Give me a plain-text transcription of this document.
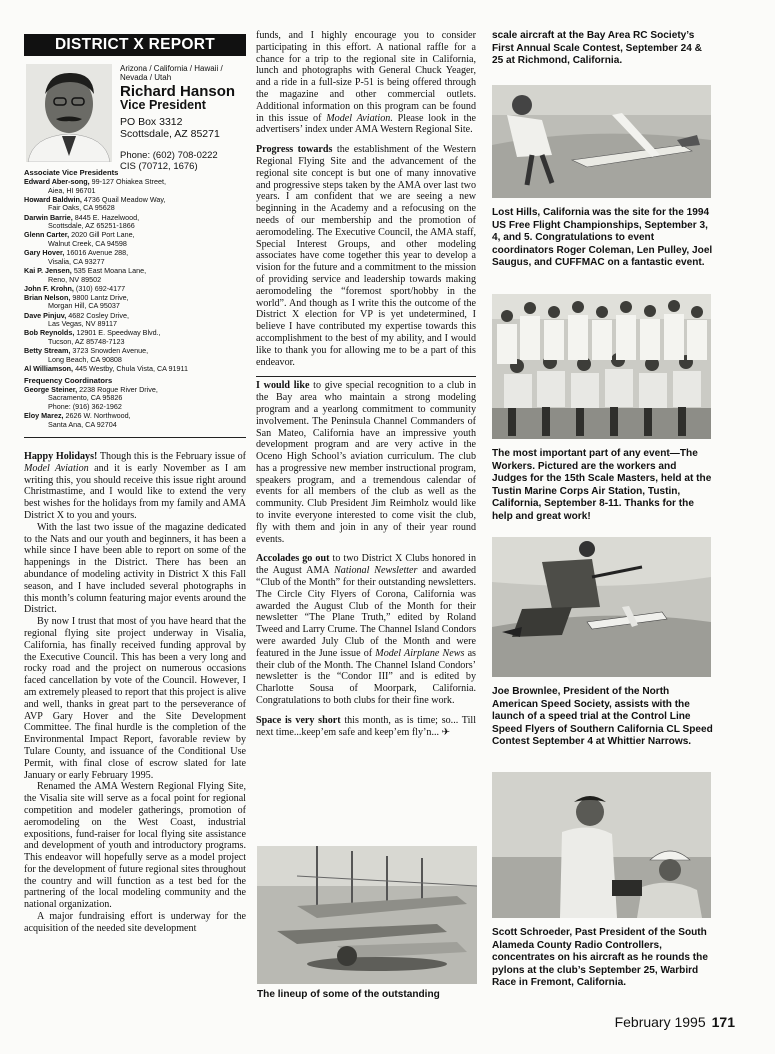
DISTRICT X REPORT
Arizona / California / Hawaii / Nevada / Utah
Richard Hanson
Vice President
PO Box 3312
Scottsdale, AZ 85271
Phone: (602) 708-0222
CIS (70712, 1676)
Associate Vice Presidents
Edward Aber-song, 99-127 Ohiakea Street,
Aiea, HI 96701
Howard Baldwin, 4736 Quail Meadow Way,
Fair Oaks, CA 95628
Darwin Barrie, 8445 E. Hazelwood,
Scottsdale, AZ 65251-1866
Glenn Carter, 2020 Gill Port Lane,
Walnut Creek, CA 94598
Gary Hover, 16016 Avenue 288,
Visalia, CA 93277
Kai P. Jensen, 535 East Moana Lane,
Reno, NV 89502
John F. Krohn, (310) 692-4177
Brian Nelson, 9800 Lantz Drive,
Morgan Hill, CA 95037
Dave Pinjuv, 4682 Cosley Drive,
Las Vegas, NV 89117
Bob Reynolds, 12901 E. Speedway Blvd.,
Tucson, AZ 85748-7123
Betty Stream, 3723 Snowden Avenue,
Long Beach, CA 90808
Al Williamson, 445 Westby, Chula Vista, CA 91911
Frequency Coordinators
George Steiner, 2238 Rogue River Drive,
Sacramento, CA 95826
Phone: (916) 362-1962
Eloy Marez, 2626 W. Northwood,
Santa Ana, CA 92704

Happy Holidays! Though this is the February issue of Model Aviation and it is early November as I am writing this, you should receive this issue right around Christmastime, and I would like to extend the very best wishes for the holidays from my family and AMA District X to you and yours.

With the last two issue of the magazine dedicated to the Nats and our youth and beginners, it has been a while since I have been able to report on some of the happenings in the District. There has been an abundance of modeling activity in District X this Fall season, and I have included several photographs in this month’s column featuring major events around the District.

By now I trust that most of you have heard that the regional flying site project underway in Visalia, California, has finally received funding approval by the Executive Council. This has been a very long and rocky road and the project on numerous occasions faced cancellation by vote of the Council. However, I am extremely pleased to report that this project is alive and well, thanks in great part to the perseverance of AVP Gary Hover and the Site Development Committee. The final hurdle is the completion of the Environmental Impact Report, favorable review by Tulare County, and issuance of the Conditional Use Permit, with final close of escrow slated for late January or early February 1995.

Renamed the AMA Western Regional Flying Site, the Visalia site will serve as a focal point for regional competition and modeler gatherings, promotion of aeromodeling on the West Coast, industrial expositions, fund-raiser for local flying site assistance and development of youth and introductory programs. This endeavor will hopefully serve as a model project for the development of future regional sites throughout the country and will function as a test bed for the partnering of the local modeling community and the national organization.

A major fundraising effort is underway for the acquisition of the needed site development

funds, and I highly encourage you to consider participating in this effort. A national raffle for a chance for a trip to the regional site in California, lunch and photographs with General Chuck Yeager, and a ride in a full-size P-51 is being offered through the magazine and other commercial outlets. Additional information on this program can be found in this issue of Model Aviation. Please look in the advertisers’ index under AMA Western Regional Site.

Progress towards the establishment of the Western Regional Flying Site and the advancement of the regional site concept is but one of many innovative and progressive steps taken by the AMA over last two years. I am confident that we are seeing a new beginning in the Academy and a refocusing on the needs of our membership and the promotion of aeromodeling. The Executive Council, the AMA staff, Special Interest Groups, and other modeling associates have come together this year to develop a vision for the future and a commitment to the mission of providing service and leadership towards making aeromodeling the “foremost sport/hobby in the world”. And though as I write this the outcome of the District X election for VP is yet undetermined, I believe I have contributed my expertise towards this accomplishment to the best of my ability, and I would like to thank you for allowing me to be a part of this endeavor.

I would like to give special recognition to a club in the Bay area who maintain a strong modeling program and a yearlong commitment to community involvement. The Peninsula Channel Commanders of San Mateo, California have an impressive youth development program and are very active in the Oceno High School’s aviation curriculum. The club has a progressive new member instructional program, speakers program, and a tremendous calendar of events for all members of the club as well as the community. Club President Jim Reimholz would like to invite everyone interested to come visit the club, fly with them and join in any of their year round events.

Accolades go out to two District X Clubs honored in the August AMA National Newsletter and awarded “Club of the Month” for their outstanding newsletters. The Circle City Flyers of Corona, California was awarded the August Club of the Month for their newsletter “The Plane Truth,” edited by Roland Tweed and Larry Crume. The Channel Island Condors were awarded July Club of the Month and were featured in the June issue of Model Airplane News as their club of the Month. The Channel Island Condors’ newsletter is the “Condor III” and is edited by Charlotte Sousa of Moorpark, California. Congratulations to both clubs for their fine work.

Space is very short this month, as is time; so... Till next time...keep’em safe and keep’em fly’n... ✈

The lineup of some of the outstanding
scale aircraft at the Bay Area RC Society’s First Annual Scale Contest, September 24 & 25 at Richmond, California.
Lost Hills, California was the site for the 1994 US Free Flight Championships, September 3, 4, and 5. Congratulations to event coordinators Roger Coleman, Len Pulley, Joel Saugus, and CUFFMAC on a fantastic event.
The most important part of any event—The Workers. Pictured are the workers and Judges for the 15th Scale Masters, held at the Tustin Marine Corps Air Station, Tustin, California, September 8-11. Thanks for the help and great work!
Joe Brownlee, President of the North American Speed Society, assists with the launch of a speed trial at the Control Line Speed Flyers of Southern California CL Speed Contest September 4 at Whittier Narrows.
Scott Schroeder, Past President of the South Alameda County Radio Controllers, concentrates on his aircraft as he rounds the pylons at the club’s September 25, Warbird Race in Fremont, California.
February 1995 171
